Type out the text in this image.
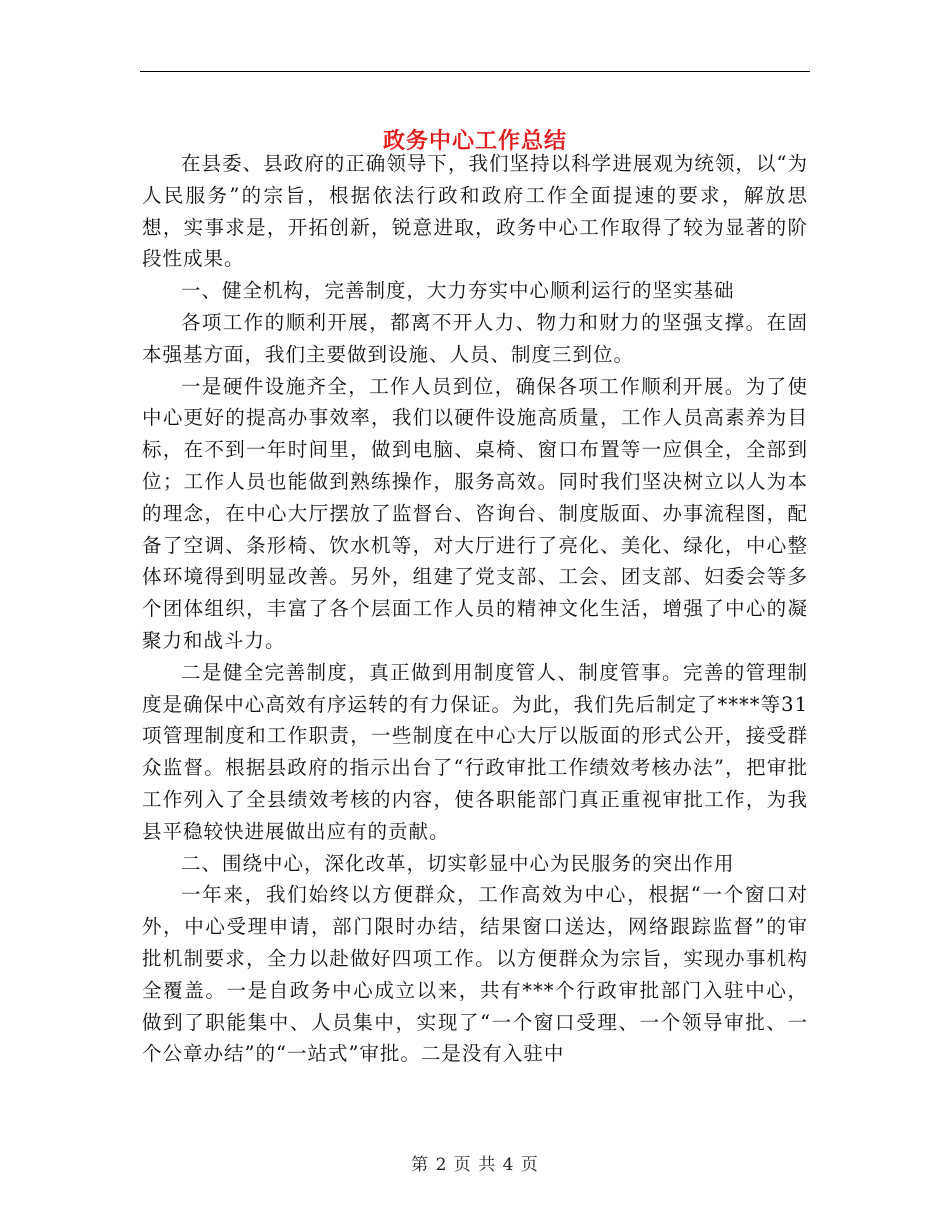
政务中心工作总结

在县委、县政府的正确领导下，我们坚持以科学进展观为统领，以“为人民服务”的宗旨，根据依法行政和政府工作全面提速的要求，解放思想，实事求是，开拓创新，锐意进取，政务中心工作取得了较为显著的阶段性成果。

一、健全机构，完善制度，大力夯实中心顺利运行的坚实基础

各项工作的顺利开展，都离不开人力、物力和财力的坚强支撑。在固本强基方面，我们主要做到设施、人员、制度三到位。

一是硬件设施齐全，工作人员到位，确保各项工作顺利开展。为了使中心更好的提高办事效率，我们以硬件设施高质量，工作人员高素养为目标，在不到一年时间里，做到电脑、桌椅、窗口布置等一应俱全，全部到位；工作人员也能做到熟练操作，服务高效。同时我们坚决树立以人为本的理念，在中心大厅摆放了监督台、咨询台、制度版面、办事流程图，配备了空调、条形椅、饮水机等，对大厅进行了亮化、美化、绿化，中心整体环境得到明显改善。另外，组建了党支部、工会、团支部、妇委会等多个团体组织，丰富了各个层面工作人员的精神文化生活，增强了中心的凝聚力和战斗力。

二是健全完善制度，真正做到用制度管人、制度管事。完善的管理制度是确保中心高效有序运转的有力保证。为此，我们先后制定了****等31项管理制度和工作职责，一些制度在中心大厅以版面的形式公开，接受群众监督。根据县政府的指示出台了“行政审批工作绩效考核办法”，把审批工作列入了全县绩效考核的内容，使各职能部门真正重视审批工作，为我县平稳较快进展做出应有的贡献。

二、围绕中心，深化改革，切实彰显中心为民服务的突出作用

一年来，我们始终以方便群众，工作高效为中心，根据“一个窗口对外，中心受理申请，部门限时办结，结果窗口送达，网络跟踪监督”的审批机制要求，全力以赴做好四项工作。以方便群众为宗旨，实现办事机构全覆盖。一是自政务中心成立以来，共有***个行政审批部门入驻中心，做到了职能集中、人员集中，实现了“一个窗口受理、一个领导审批、一个公章办结”的“一站式”审批。二是没有入驻中

第 2 页 共 4 页
